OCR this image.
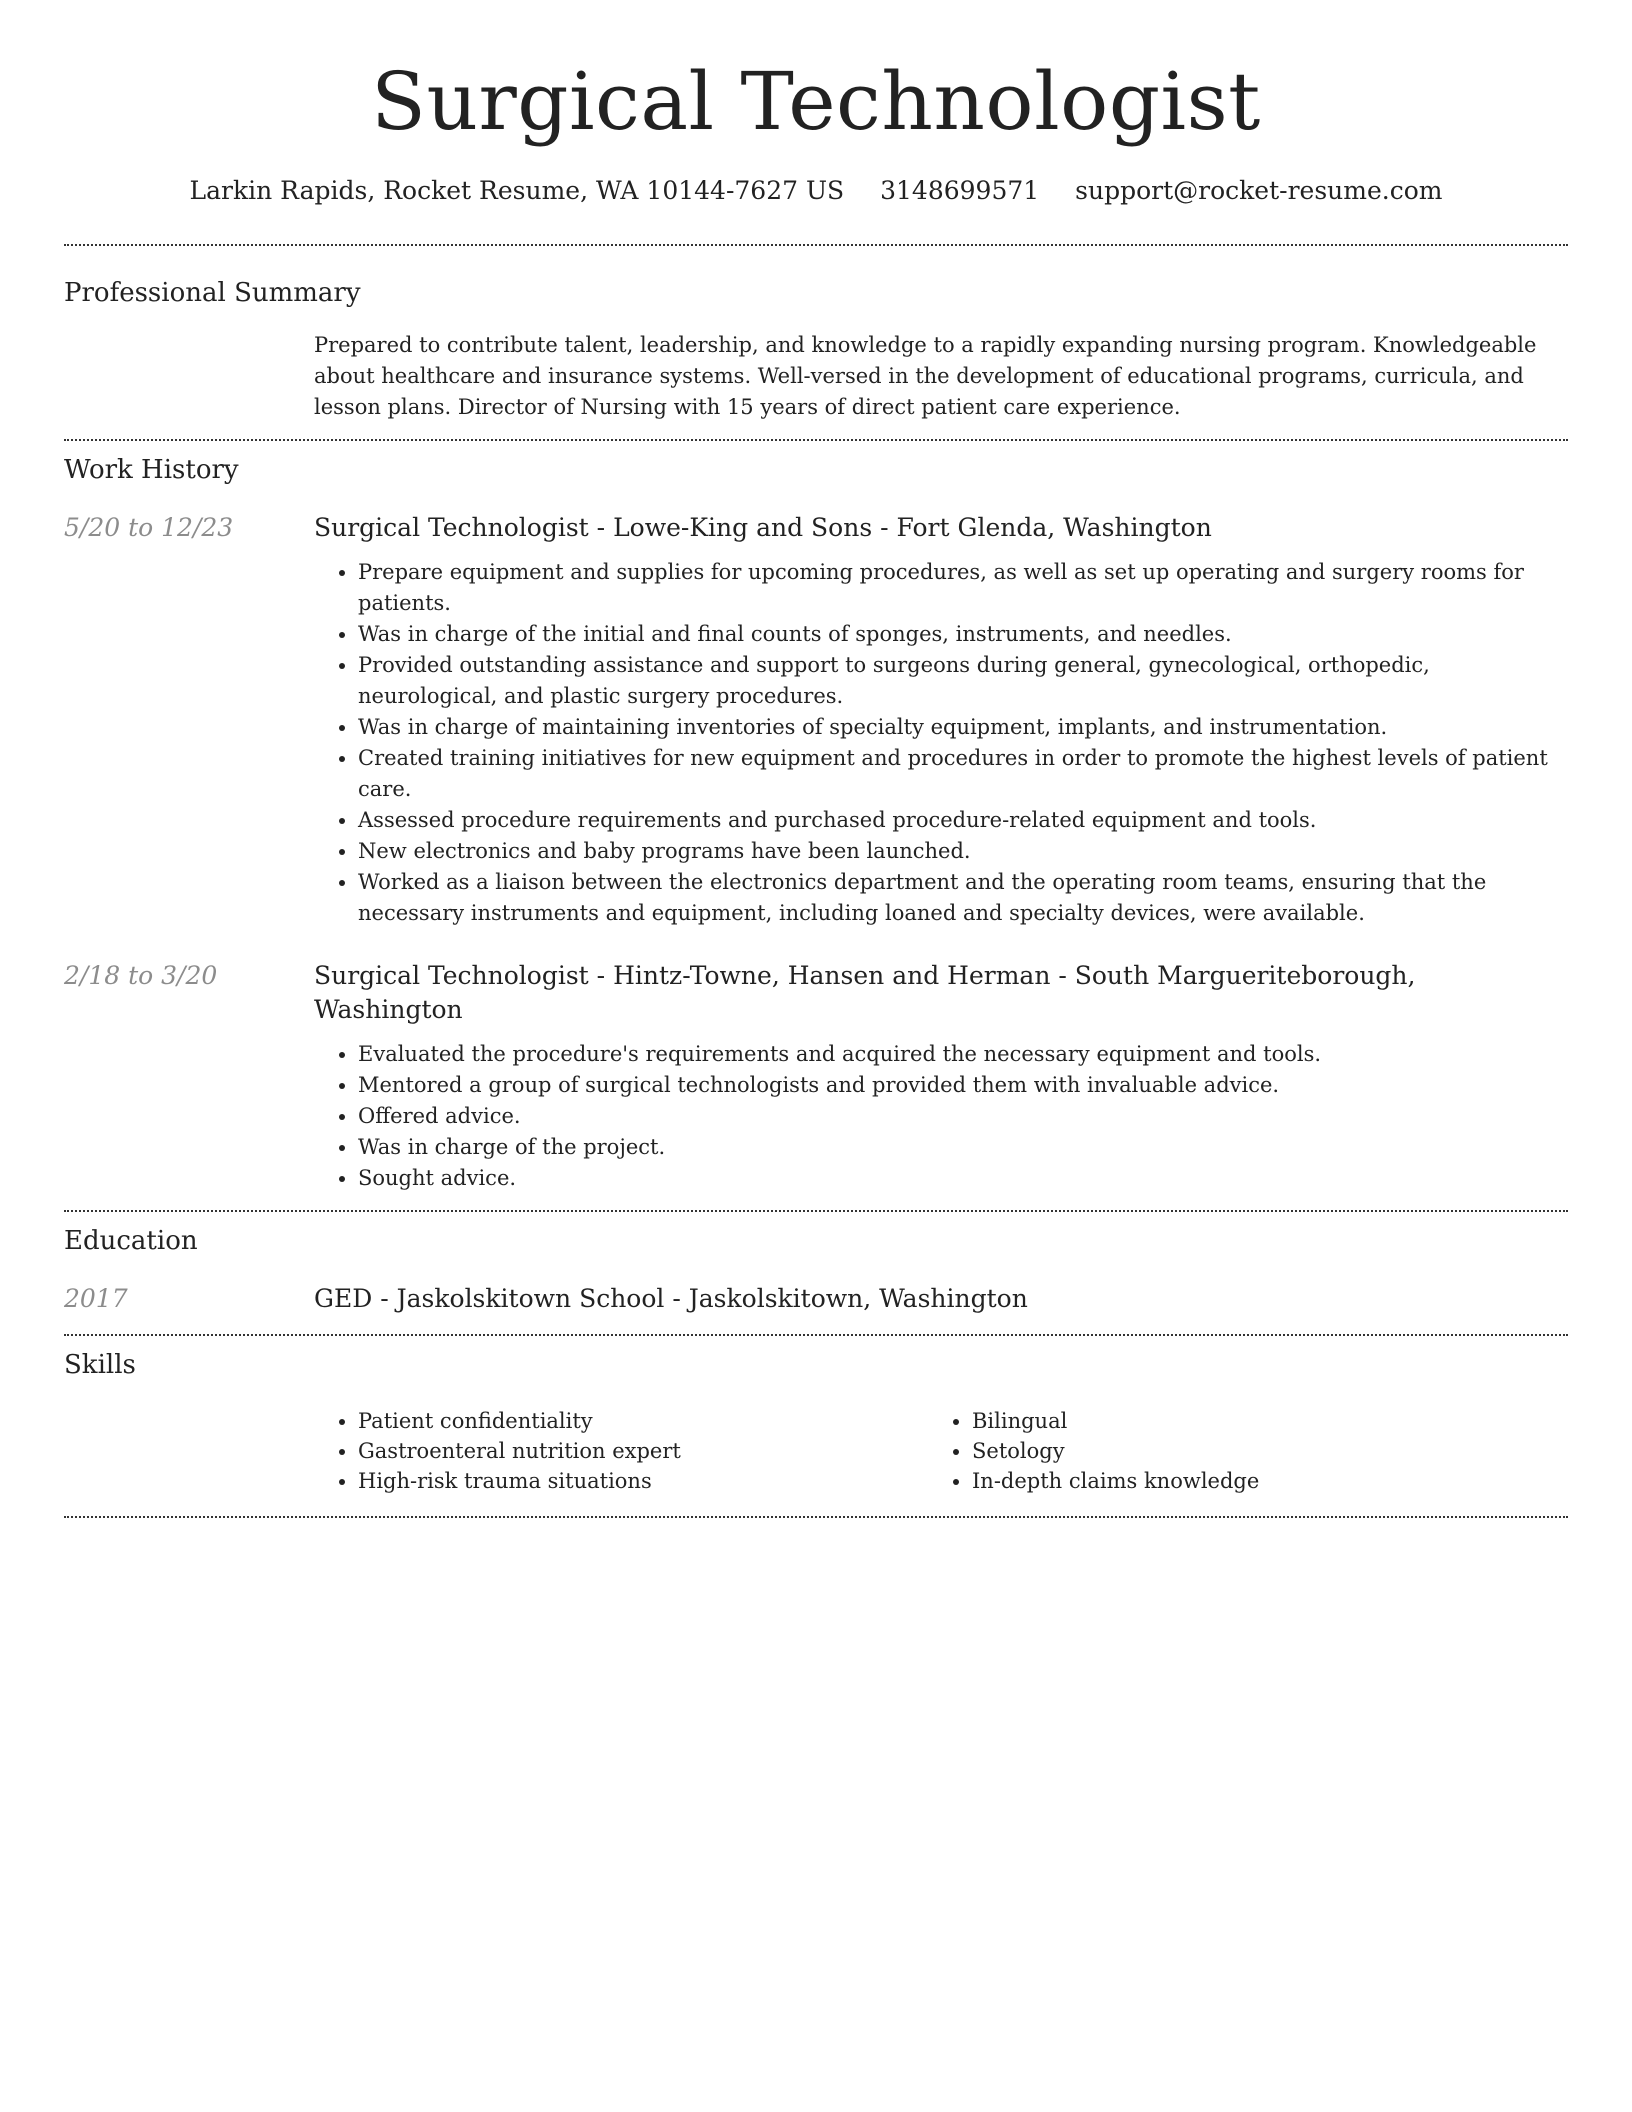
Surgical Technologist
Larkin Rapids, Rocket Resume, WA 10144-7627 US 3148699571 support@rocket-resume.com
Professional Summary
Prepared to contribute talent, leadership, and knowledge to a rapidly expanding nursing program. Knowledgeable about healthcare and insurance systems. Well-versed in the development of educational programs, curricula, and lesson plans. Director of Nursing with 15 years of direct patient care experience.
Work History
5/20 to 12/23	Surgical Technologist - Lowe-King and Sons - Fort Glenda, Washington
• Prepare equipment and supplies for upcoming procedures, as well as set up operating and surgery rooms for patients.
• Was in charge of the initial and final counts of sponges, instruments, and needles.
• Provided outstanding assistance and support to surgeons during general, gynecological, orthopedic, neurological, and plastic surgery procedures.
• Was in charge of maintaining inventories of specialty equipment, implants, and instrumentation.
• Created training initiatives for new equipment and procedures in order to promote the highest levels of patient care.
• Assessed procedure requirements and purchased procedure-related equipment and tools.
• New electronics and baby programs have been launched.
• Worked as a liaison between the electronics department and the operating room teams, ensuring that the necessary instruments and equipment, including loaned and specialty devices, were available.
2/18 to 3/20	Surgical Technologist - Hintz-Towne, Hansen and Herman - South Margueriteborough, Washington
• Evaluated the procedure's requirements and acquired the necessary equipment and tools.
• Mentored a group of surgical technologists and provided them with invaluable advice.
• Offered advice.
• Was in charge of the project.
• Sought advice.
Education
2017	GED - Jaskolskitown School - Jaskolskitown, Washington
Skills
• Patient confidentiality
• Gastroenteral nutrition expert
• High-risk trauma situations
• Bilingual
• Setology
• In-depth claims knowledge
